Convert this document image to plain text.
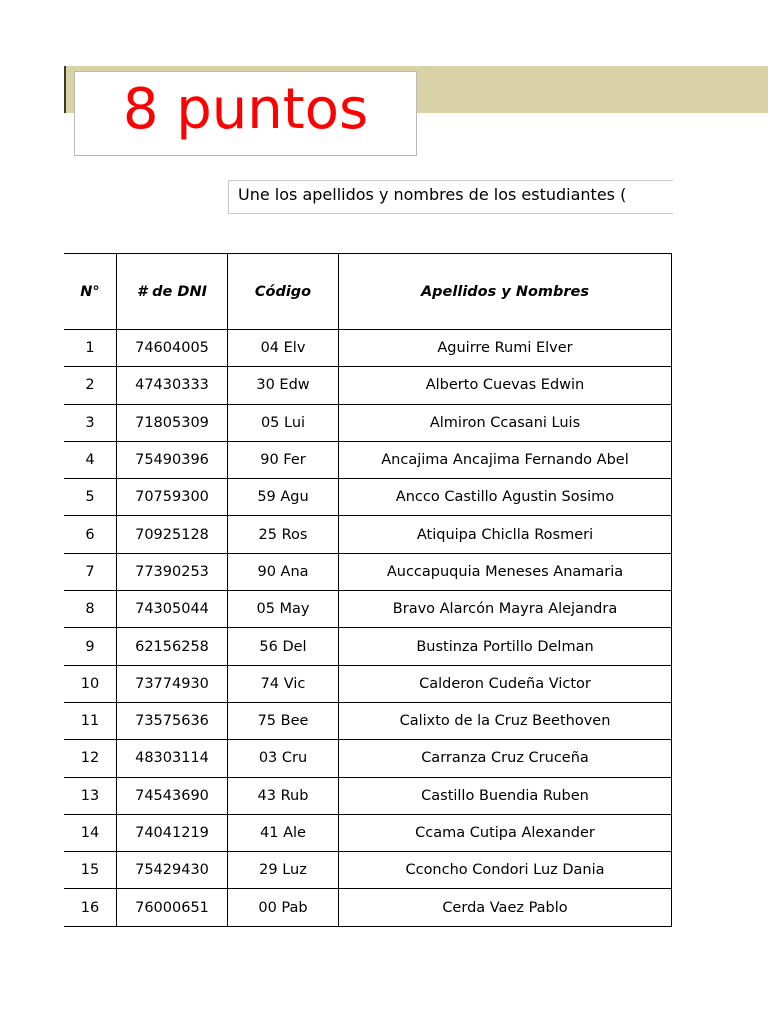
8 puntos
Une los apellidos y nombres de los estudiantes (
N°	# de DNI	Código	Apellidos y Nombres
1	74604005	04 Elv	Aguirre Rumi Elver
2	47430333	30 Edw	Alberto Cuevas Edwin
3	71805309	05 Lui	Almiron Ccasani Luis
4	75490396	90 Fer	Ancajima Ancajima Fernando Abel
5	70759300	59 Agu	Ancco Castillo Agustin Sosimo
6	70925128	25 Ros	Atiquipa Chiclla Rosmeri
7	77390253	90 Ana	Auccapuquia Meneses Anamaria
8	74305044	05 May	Bravo Alarcón Mayra Alejandra
9	62156258	56 Del	Bustinza Portillo Delman
10	73774930	74 Vic	Calderon Cudeña Victor
11	73575636	75 Bee	Calixto de la Cruz Beethoven
12	48303114	03 Cru	Carranza Cruz Cruceña
13	74543690	43 Rub	Castillo Buendia Ruben
14	74041219	41 Ale	Ccama Cutipa Alexander
15	75429430	29 Luz	Cconcho Condori Luz Dania
16	76000651	00 Pab	Cerda Vaez Pablo
